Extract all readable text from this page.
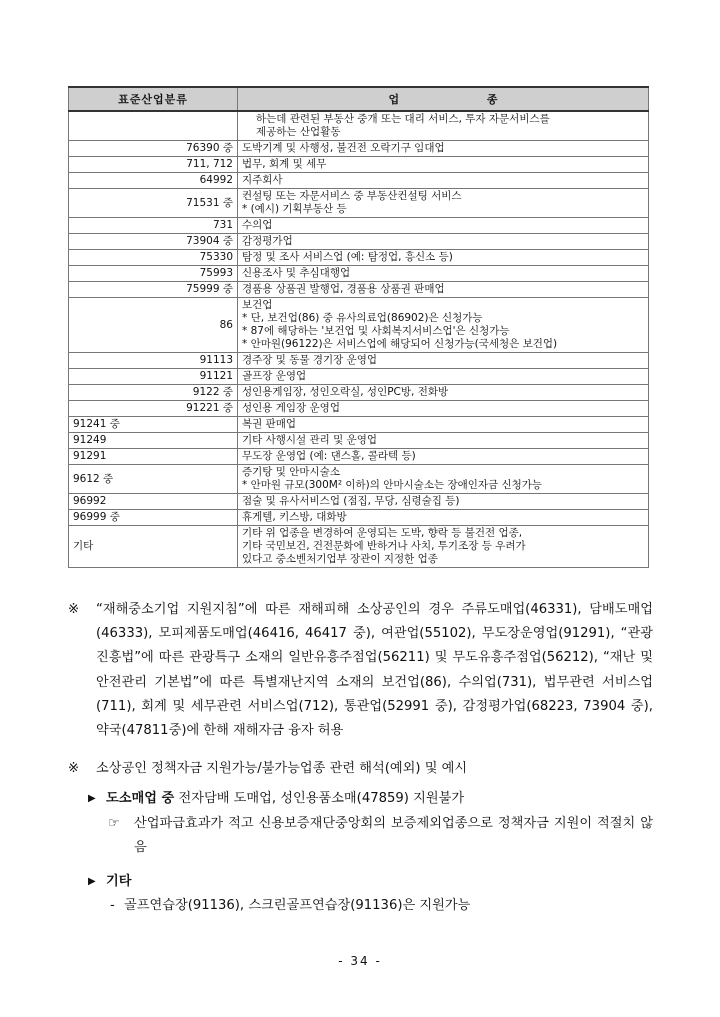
표준산업분류	업 종

	하는데 관련된 부동산 중개 또는 대리 서비스, 투자 자문서비스를
제공하는 산업활동

76390 중	도박기계 및 사행성, 불건전 오락기구 임대업

711, 712	법무, 회계 및 세무

64992	지주회사

71531 중	컨설팅 또는 자문서비스 중 부동산컨설팅 서비스
* (예시) 기획부동산 등

731	수의업

73904 중	감정평가업

75330	탐정 및 조사 서비스업 (예: 탐정업, 흥신소 등)

75993	신용조사 및 추심대행업

75999 중	경품용 상품권 발행업, 경품용 상품권 판매업

86	보건업
* 단, 보건업(86) 중 유사의료업(86902)은 신청가능
* 87에 해당하는 '보건업 및 사회복지서비스업'은 신청가능
* 안마원(96122)은 서비스업에 해당되어 신청가능(국세청은 보건업)

91113	경주장 및 동물 경기장 운영업

91121	골프장 운영업

9122 중	성인용게임장, 성인오락실, 성인PC방, 전화방

91221 중	성인용 게임장 운영업

91241 중	복권 판매업

91249	기타 사행시설 관리 및 운영업

91291	무도장 운영업 (예: 댄스홀, 콜라텍 등)

9612 중	증기탕 및 안마시술소
* 안마원 규모(300M² 이하)의 안마시술소는 장애인자금 신청가능

96992	점술 및 유사서비스업 (점집, 무당, 심령술집 등)

96999 중	휴게텔, 키스방, 대화방

기타	기타 위 업종을 변경하여 운영되는 도박, 향락 등 불건전 업종,
기타 국민보건, 건전문화에 반하거나 사치, 투기조장 등 우려가
있다고 중소벤처기업부 장관이 지정한 업종
※ “재해중소기업 지원지침”에 따른 재해피해 소상공인의 경우 주류도매업(46331), 담배도매업(46333), 모피제품도매업(46416, 46417 중), 여관업(55102), 무도장운영업(91291), “관광진흥법”에 따른 관광특구 소재의 일반유흥주점업(56211) 및 무도유흥주점업(56212), “재난 및 안전관리 기본법”에 따른 특별재난지역 소재의 보건업(86), 수의업(731), 법무관련 서비스업(711), 회계 및 세무관련 서비스업(712), 통관업(52991 중), 감정평가업(68223, 73904 중), 약국(47811중)에 한해 재해자금 융자 허용
※ 소상공인 정책자금 지원가능/불가능업종 관련 해석(예외) 및 예시
▶ 도소매업 중 전자담배 도매업, 성인용품소매(47859) 지원불가
☞ 산업파급효과가 적고 신용보증재단중앙회의 보증제외업종으로 정책자금 지원이 적절치 않음
▶ 기타
- 골프연습장(91136), 스크린골프연습장(91136)은 지원가능
- 34 -
